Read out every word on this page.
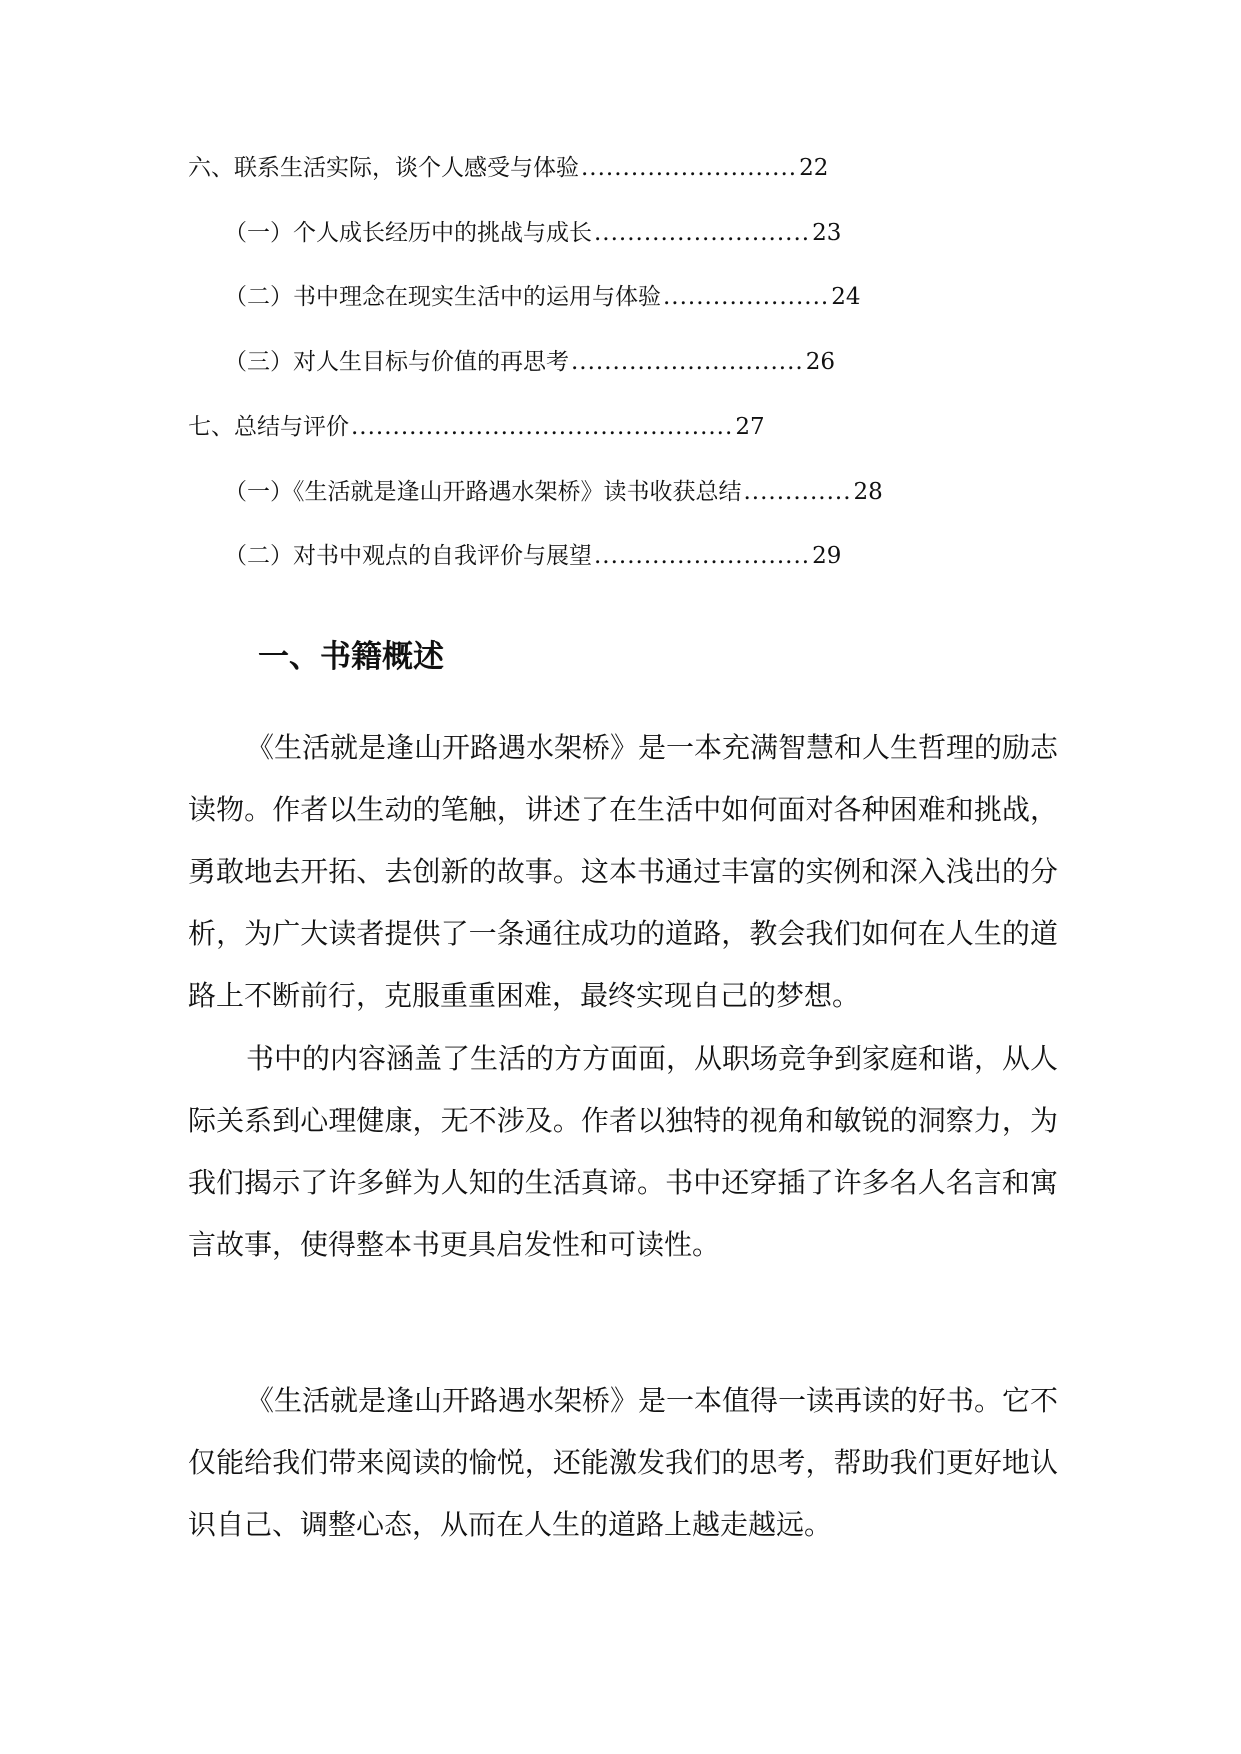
六、联系生活实际，谈个人感受与体验 .......................... 22
（一）个人成长经历中的挑战与成长 .......................... 23
（二）书中理念在现实生活中的运用与体验 .................... 24
（三）对人生目标与价值的再思考 ............................ 26
七、总结与评价 .............................................. 27
（一）《生活就是逢山开路遇水架桥》读书收获总结 ............. 28
（二）对书中观点的自我评价与展望 .......................... 29
一、书籍概述

《生活就是逢山开路遇水架桥》是一本充满智慧和人生哲理的励志读物。作者以生动的笔触，讲述了在生活中如何面对各种困难和挑战，勇敢地去开拓、去创新的故事。这本书通过丰富的实例和深入浅出的分析，为广大读者提供了一条通往成功的道路，教会我们如何在人生的道路上不断前行，克服重重困难，最终实现自己的梦想。

书中的内容涵盖了生活的方方面面，从职场竞争到家庭和谐，从人际关系到心理健康，无不涉及。作者以独特的视角和敏锐的洞察力，为我们揭示了许多鲜为人知的生活真谛。书中还穿插了许多名人名言和寓言故事，使得整本书更具启发性和可读性。

《生活就是逢山开路遇水架桥》是一本值得一读再读的好书。它不仅能给我们带来阅读的愉悦，还能激发我们的思考，帮助我们更好地认识自己、调整心态，从而在人生的道路上越走越远。
